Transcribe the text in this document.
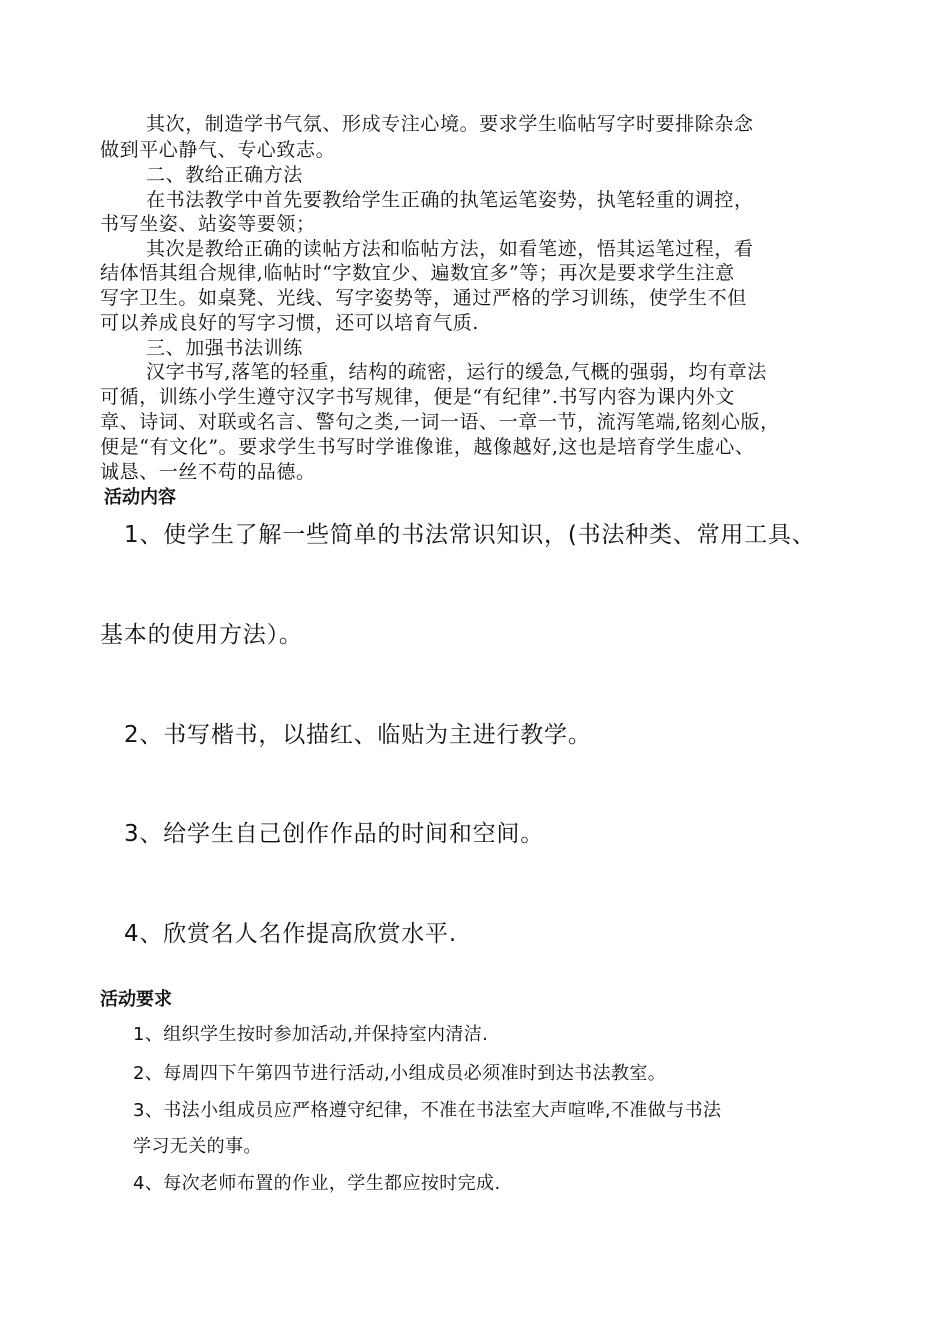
其次，制造学书气氛、形成专注心境。要求学生临帖写字时要排除杂念
做到平心静气、专心致志。
二、教给正确方法
在书法教学中首先要教给学生正确的执笔运笔姿势，执笔轻重的调控，
书写坐姿、站姿等要领；
其次是教给正确的读帖方法和临帖方法，如看笔迹，悟其运笔过程，看
结体悟其组合规律,临帖时“字数宜少、遍数宜多”等；再次是要求学生注意
写字卫生。如桌凳、光线、写字姿势等，通过严格的学习训练，使学生不但
可以养成良好的写字习惯，还可以培育气质.
三、加强书法训练
汉字书写,落笔的轻重，结构的疏密，运行的缓急,气概的强弱，均有章法
可循，训练小学生遵守汉字书写规律，便是“有纪律”.书写内容为课内外文
章、诗词、对联或名言、警句之类,一词一语、一章一节，流泻笔端,铭刻心版，
便是“有文化”。要求学生书写时学谁像谁，越像越好,这也是培育学生虚心、
诚恳、一丝不苟的品德。
活动内容
1、使学生了解一些简单的书法常识知识，(书法种类、常用工具、
基本的使用方法）。
2、书写楷书，以描红、临贴为主进行教学。
3、给学生自己创作作品的时间和空间。
4、欣赏名人名作提高欣赏水平.
活动要求
1、组织学生按时参加活动,并保持室内清洁.
2、每周四下午第四节进行活动,小组成员必须准时到达书法教室。
3、书法小组成员应严格遵守纪律，不准在书法室大声喧哗,不准做与书法
学习无关的事。
4、每次老师布置的作业，学生都应按时完成.
